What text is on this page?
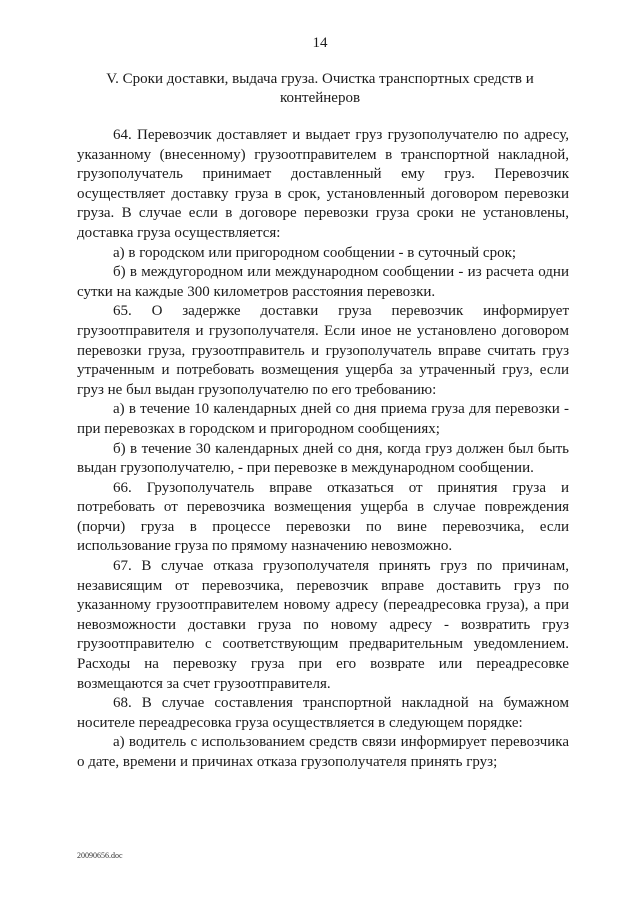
14
V. Сроки доставки, выдача груза. Очистка транспортных средств и контейнеров

64. Перевозчик доставляет и выдает груз грузополучателю по адресу, указанному (внесенному) грузоотправителем в транспортной накладной, грузополучатель принимает доставленный ему груз. Перевозчик осуществляет доставку груза в срок, установленный договором перевозки груза. В случае если в договоре перевозки груза сроки не установлены, доставка груза осуществляется:

а) в городском или пригородном сообщении - в суточный срок;

б) в междугородном или международном сообщении - из расчета одни сутки на каждые 300 километров расстояния перевозки.

65. О задержке доставки груза перевозчик информирует грузоотправителя и грузополучателя. Если иное не установлено договором перевозки груза, грузоотправитель и грузополучатель вправе считать груз утраченным и потребовать возмещения ущерба за утраченный груз, если груз не был выдан грузополучателю по его требованию:

а) в течение 10 календарных дней со дня приема груза для перевозки - при перевозках в городском и пригородном сообщениях;

б) в течение 30 календарных дней со дня, когда груз должен был быть выдан грузополучателю, - при перевозке в международном сообщении.

66. Грузополучатель вправе отказаться от принятия груза и потребовать от перевозчика возмещения ущерба в случае повреждения (порчи) груза в процессе перевозки по вине перевозчика, если использование груза по прямому назначению невозможно.

67. В случае отказа грузополучателя принять груз по причинам, независящим от перевозчика, перевозчик вправе доставить груз по указанному грузоотправителем новому адресу (переадресовка груза), а при невозможности доставки груза по новому адресу - возвратить груз грузоотправителю с соответствующим предварительным уведомлением. Расходы на перевозку груза при его возврате или переадресовке возмещаются за счет грузоотправителя.

68. В случае составления транспортной накладной на бумажном носителе переадресовка груза осуществляется в следующем порядке:

а) водитель с использованием средств связи информирует перевозчика о дате, времени и причинах отказа грузополучателя принять груз;

20090656.doc
